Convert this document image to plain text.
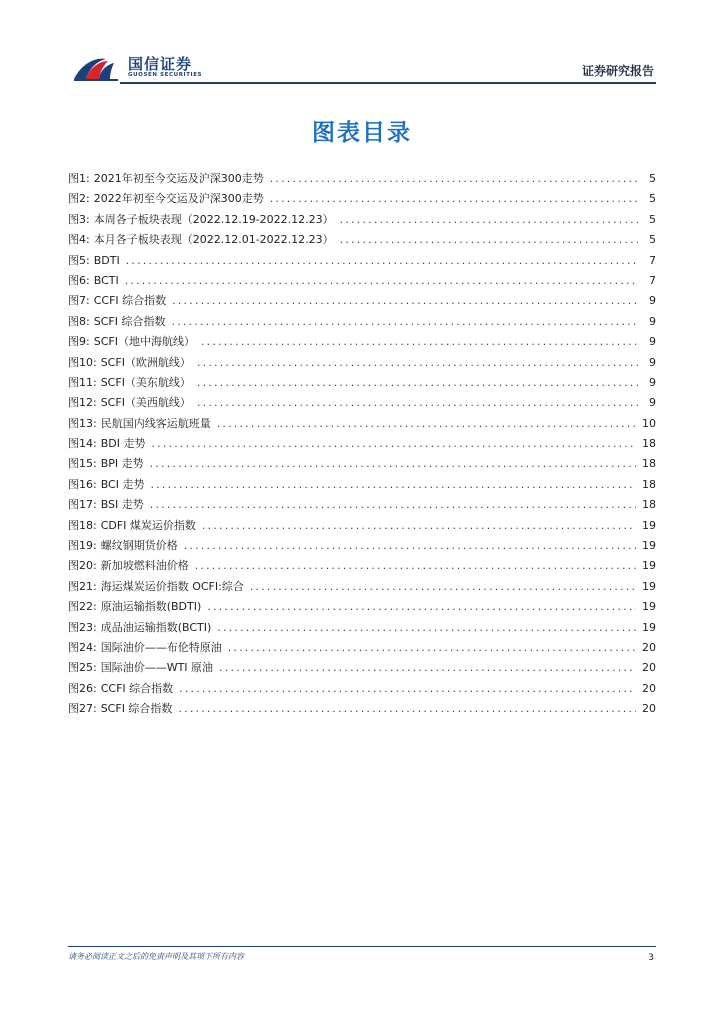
国信证券
GUOSEN SECURITIES	证券研究报告
图表目录
图1: 2021年初至今交运及沪深300走势 .....	5
图2: 2022年初至今交运及沪深300走势 .....	5
图3: 本周各子板块表现（2022.12.19-2022.12.23） .....	5
图4: 本月各子板块表现（2022.12.01-2022.12.23） .....	5
图5: BDTI .....	7
图6: BCTI .....	7
图7: CCFI 综合指数 .....	9
图8: SCFI 综合指数 .....	9
图9: SCFI（地中海航线） .....	9
图10: SCFI（欧洲航线） .....	9
图11: SCFI（美东航线） .....	9
图12: SCFI（美西航线） .....	9
图13: 民航国内线客运航班量 .....	10
图14: BDI 走势 .....	18
图15: BPI 走势 .....	18
图16: BCI 走势 .....	18
图17: BSI 走势 .....	18
图18: CDFI 煤炭运价指数 .....	19
图19: 螺纹钢期货价格 .....	19
图20: 新加坡燃料油价格 .....	19
图21: 海运煤炭运价指数 OCFI:综合 .....	19
图22: 原油运输指数(BDTI) .....	19
图23: 成品油运输指数(BCTI) .....	19
图24: 国际油价——布伦特原油 .....	20
图25: 国际油价——WTI 原油 .....	20
图26: CCFI 综合指数 .....	20
图27: SCFI 综合指数 .....	20
请务必阅读正文之后的免责声明及其项下所有内容	3
